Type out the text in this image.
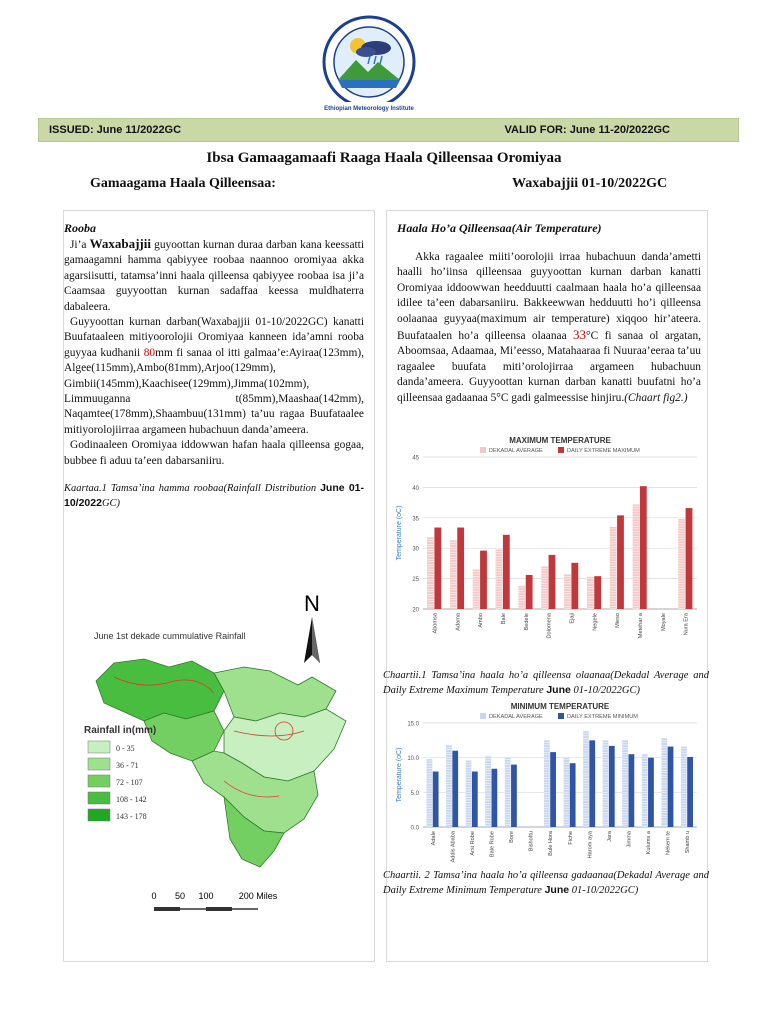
Ethiopian Meteorology Institute
ISSUED: June 11/2022GC	VALID FOR: June 11-20/2022GC
Ibsa Gamaagamaafi Raaga Haala Qilleensaa Oromiyaa
Gamaagama Haala Qilleensaa:	Waxabajjii 01-10/2022GC

Rooba

Ji’a Waxabajjii guyoottan kurnan duraa darban kana keessatti gamaagamni hamma qabiyyee roobaa naannoo oromiyaa akka agarsiisutti, tatamsa’inni haala qilleensa qabiyyee roobaa isa ji’a Caamsaa guyyoottan kurnan sadaffaa keessa muldhaterra dabaleera.

Guyyoottan kurnan darban(Waxabajjii 01-10/2022GC) kanatti Buufataaleen mitiyoorolojii Oromiyaa kanneen ida’amni rooba guyyaa kudhanii 80mm fi sanaa ol itti galmaa’e:Ayiraa(123mm), Algee(115mm),Ambo(81mm),Arjoo(129mm), Gimbii(145mm),Kaachisee(129mm),Jimma(102mm), Limmuuganna t(85mm),Maashaa(142mm), Naqamtee(178mm),Shaambuu(131mm) ta’uu ragaa Buufataalee mitiyorolojiirraa argameen hubachuun danda’ameera.

Godinaaleen Oromiyaa iddowwan hafan haala qilleensa gogaa, bubbee fi aduu ta’een dabarsaniiru.

Kaartaa.1 Tamsa’ina hamma roobaa(Rainfall Distribution June 01-10/2022GC)

N
June 1st dekade cummulative Rainfall
Rainfall in(mm)
0 - 35
36 - 71
72 - 107
108 - 142
143 - 178
0 50 100	200 Miles

Haala Ho’a Qilleensaa(Air Temperature)

Akka ragaalee miiti’oorolojii irraa hubachuun danda’ametti haalli ho’iinsa qilleensaa guyyoottan kurnan darban kanatti Oromiyaa iddoowwan heedduutti caalmaan haala ho’a qilleensaa idilee ta’een dabarsaniiru. Bakkeewwan hedduutti ho’i qilleensa oolaanaa guyyaa(maximum air temperature) xiqqoo hir’ateera. Buufataalen ho’a qilleensa olaanaa 33°C fi sanaa ol argatan, Aboomsaa, Adaamaa, Mi’eesso, Matahaaraa fi Nuuraa’eeraa ta’uu ragaalee buufata miti’orolojirraa argameen hubachuun danda’ameera. Guyyoottan kurnan darban kanatti buufatni ho’a qilleensaa gadaanaa 5°C gadi galmeessise hinjiru.(Chaart fig2.)

MAXIMUM TEMPERATURE
DEKADAL AVERAGE	DAILY EXTREME MAXIMUM
20
25
30
35
40
45
Temperature (oC)
Abomsa	Adama	Ambo	Bale	Bedele	Dolomena	Ejaji	Negele	Mieso	Metehar a	Moyale	Nura Era

Chaartii.1 Tamsa’ina haala ho’a qilleensa olaanaa(Dekadal Average and Daily Extreme Maximum Temperature June 01-10/2022GC)

MINIMUM TEMPERATURE
DEKADAL AVERAGE	DAILY EXTREME MINIMUM
0.0
5.0
10.0
15.0
Temperature (oC)
Adale Addis Ababa Arsi Robe Bale Robe Bore Bishoftu Bule Hora Fiche Harom aya Jara Jimma Kulums a Nekem te Shamb u

Chaartii. 2 Tamsa’ina haala ho’a qilleensa gadaanaa(Dekadal Average and Daily Extreme Minimum Temperature June 01-10/2022GC)
